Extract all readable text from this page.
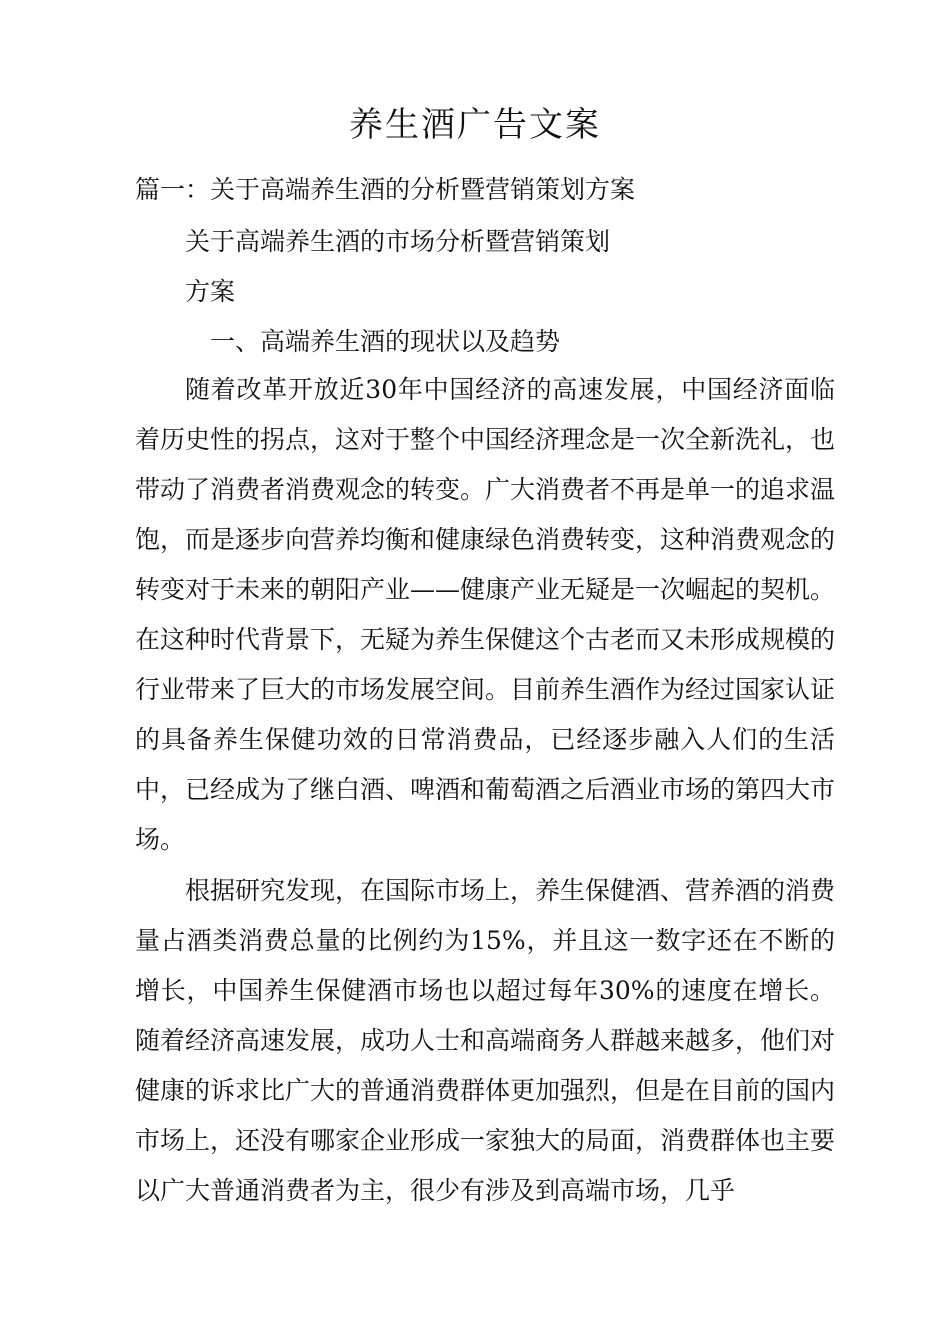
养生酒广告文案
篇一：关于高端养生酒的分析暨营销策划方案
关于高端养生酒的市场分析暨营销策划
方案
一、高端养生酒的现状以及趋势

随着改革开放近30年中国经济的高速发展，中国经济面临着历史性的拐点，这对于整个中国经济理念是一次全新洗礼，也带动了消费者消费观念的转变。广大消费者不再是单一的追求温饱，而是逐步向营养均衡和健康绿色消费转变，这种消费观念的转变对于未来的朝阳产业——健康产业无疑是一次崛起的契机。在这种时代背景下，无疑为养生保健这个古老而又未形成规模的行业带来了巨大的市场发展空间。目前养生酒作为经过国家认证的具备养生保健功效的日常消费品，已经逐步融入人们的生活中，已经成为了继白酒、啤酒和葡萄酒之后酒业市场的第四大市场。

根据研究发现，在国际市场上，养生保健酒、营养酒的消费量占酒类消费总量的比例约为15%，并且这一数字还在不断的增长，中国养生保健酒市场也以超过每年30%的速度在增长。随着经济高速发展，成功人士和高端商务人群越来越多，他们对健康的诉求比广大的普通消费群体更加强烈，但是在目前的国内市场上，还没有哪家企业形成一家独大的局面，消费群体也主要以广大普通消费者为主，很少有涉及到高端市场，几乎
